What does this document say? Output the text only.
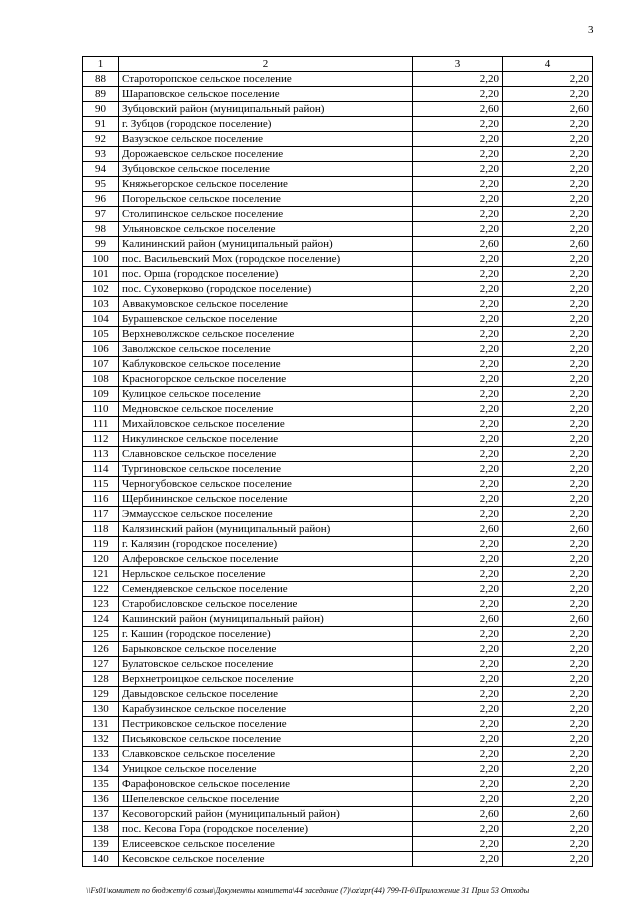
3
1	2	3	4
88	Староторопское сельское поселение	2,20	2,20
89	Шараповское сельское поселение	2,20	2,20
90	Зубцовский район (муниципальный район)	2,60	2,60
91	г. Зубцов (городское поселение)	2,20	2,20
92	Вазузское сельское поселение	2,20	2,20
93	Дорожаевское сельское поселение	2,20	2,20
94	Зубцовское сельское поселение	2,20	2,20
95	Княжьегорское сельское поселение	2,20	2,20
96	Погорельское сельское поселение	2,20	2,20
97	Столипинское сельское поселение	2,20	2,20
98	Ульяновское сельское поселение	2,20	2,20
99	Калининский район (муниципальный район)	2,60	2,60
100	пос. Васильевский Мох (городское поселение)	2,20	2,20
101	пос. Орша (городское поселение)	2,20	2,20
102	пос. Суховерково (городское поселение)	2,20	2,20
103	Аввакумовское сельское поселение	2,20	2,20
104	Бурашевское сельское поселение	2,20	2,20
105	Верхневолжское сельское поселение	2,20	2,20
106	Заволжское сельское поселение	2,20	2,20
107	Каблуковское сельское поселение	2,20	2,20
108	Красногорское сельское поселение	2,20	2,20
109	Кулицкое сельское поселение	2,20	2,20
110	Медновское сельское поселение	2,20	2,20
111	Михайловское сельское поселение	2,20	2,20
112	Никулинское сельское поселение	2,20	2,20
113	Славновское сельское поселение	2,20	2,20
114	Тургиновское сельское поселение	2,20	2,20
115	Черногубовское сельское поселение	2,20	2,20
116	Щербининское сельское поселение	2,20	2,20
117	Эммаусское сельское поселение	2,20	2,20
118	Калязинский район (муниципальный район)	2,60	2,60
119	г. Калязин (городское поселение)	2,20	2,20
120	Алферовское сельское поселение	2,20	2,20
121	Нерльское сельское поселение	2,20	2,20
122	Семендяевское сельское поселение	2,20	2,20
123	Старобисловское сельское поселение	2,20	2,20
124	Кашинский район (муниципальный район)	2,60	2,60
125	г. Кашин (городское поселение)	2,20	2,20
126	Барыковское сельское поселение	2,20	2,20
127	Булатовское сельское поселение	2,20	2,20
128	Верхнетроицкое сельское поселение	2,20	2,20
129	Давыдовское сельское поселение	2,20	2,20
130	Карабузинское сельское поселение	2,20	2,20
131	Пестриковское сельское поселение	2,20	2,20
132	Письяковское сельское поселение	2,20	2,20
133	Славковское сельское поселение	2,20	2,20
134	Уницкое сельское поселение	2,20	2,20
135	Фарафоновское сельское поселение	2,20	2,20
136	Шепелевское сельское поселение	2,20	2,20
137	Кесовогорский район (муниципальный район)	2,60	2,60
138	пос. Кесова Гора (городское поселение)	2,20	2,20
139	Елисеевское сельское поселение	2,20	2,20
140	Кесовское сельское поселение	2,20	2,20
\\Fs01\комитет по бюджету\6 созыв\Документы комитета\44 заседание (7)\oz\zpr(44) 799-П-6\Приложение 31 Прил 53 Отходы
